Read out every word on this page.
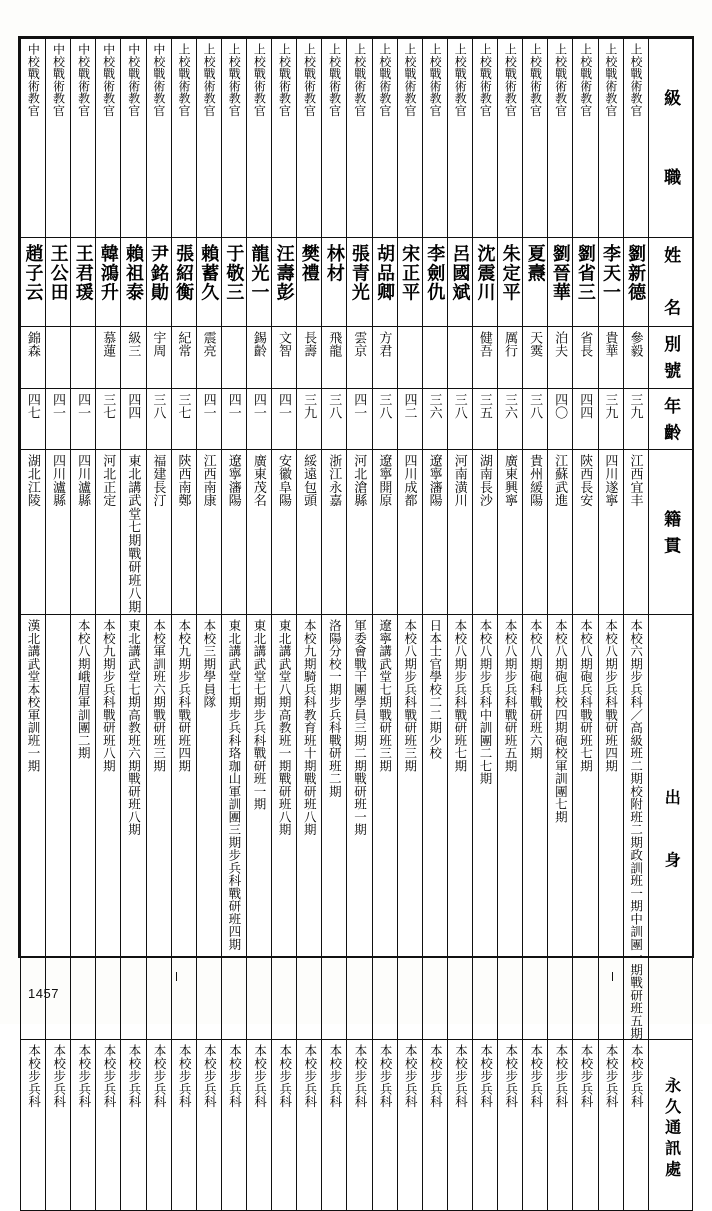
中校戰術教官	中校戰術教官	中校戰術教官	中校戰術教官	中校戰術教官	中校戰術教官	上校戰術教官	上校戰術教官	上校戰術教官	上校戰術教官	上校戰術教官	上校戰術教官	上校戰術教官	上校戰術教官	上校戰術教官	上校戰術教官	上校戰術教官	上校戰術教官	上校戰術教官	上校戰術教官	上校戰術教官	上校戰術教官	上校戰術教官	上校戰術教官	上校戰術教官	級　　職

趙子云	王公田	王君瑗	韓鴻升	賴祖泰	尹銘勛	張紹衡	賴蓄久	于敬三	龍光一	汪壽彭	樊禮	林材	張青光	胡品卿	宋正平	李劍仇	呂國斌	沈震川	朱定平	夏燾	劉晉華	劉省三	李天一	劉新德	姓　名

錦森			慕蓮	級三	宇周	紀常	震亮		錫齡	文智	長壽	飛龍	雲京	方君				健吾	厲行	天霙	泊夫	省長	貴華	參毅	別號

四七	四一	四一	三七	四四	三八	三七	四一	四一	四一	四一	三九	三八	四一	三八	四二	三六	三八	三五	三六	三八	四〇	四四	三九	三九	年齡

湖北江陵	四川瀘縣	四川瀘縣	河北正定	東北講武堂七期戰研班八期	福建長汀	陝西南鄭	江西南康	遼寧瀋陽	廣東茂名	安徽阜陽	綏遠包頭	浙江永嘉	河北滄縣	遼寧開原	四川成都	遼寧瀋陽	河南潢川	湖南長沙	廣東興寧	貴州緩陽	江蘇武進	陝西長安	四川遂寧	江西宜丰	籍貫

漢北講武堂本校軍訓班一期		本校八期峨眉軍訓團二期	本校九期步兵科戰研班八期	東北講武堂七期高教班六期戰研班八期	本校軍訓班六期戰研班三期	本校九期步兵科戰研班四期	本校三期學員隊	東北講武堂七期步兵科珞珈山軍訓團三期步兵科戰研班四期	東北講武堂七期步兵科戰研班一期	東北講武堂八期高教班一期戰研班八期	本校九期騎兵科教育班十期戰研班八期	洛陽分校一期步兵科戰研班二期	軍委會戰干團學員三期二期戰研班一期	遼寧講武堂七期戰研班三期	本校八期步兵科戰研班三期	日本士官學校二二期少校	本校八期步兵科戰研班七期	本校八期步兵科中訓團二七期	本校八期步兵科戰研班五期	本校八期砲科戰研班六期	本校八期砲兵校四期砲校軍訓團七期	本校八期砲兵科戰研班七期	本校八期步兵科戰研班四期	本校六期步兵科／高級班二期校附班二期政訓班一期中訓團一期戰研班五期	出　　身

本校步兵科	本校步兵科	本校步兵科	本校步兵科	本校步兵科	本校步兵科	本校步兵科	本校步兵科	本校步兵科	本校步兵科	本校步兵科	本校步兵科	本校步兵科	本校步兵科	本校步兵科	本校步兵科	本校步兵科	本校步兵科	本校步兵科	本校步兵科	本校步兵科	本校步兵科	本校步兵科	本校步兵科	本校步兵科	永久通訊處
1457
